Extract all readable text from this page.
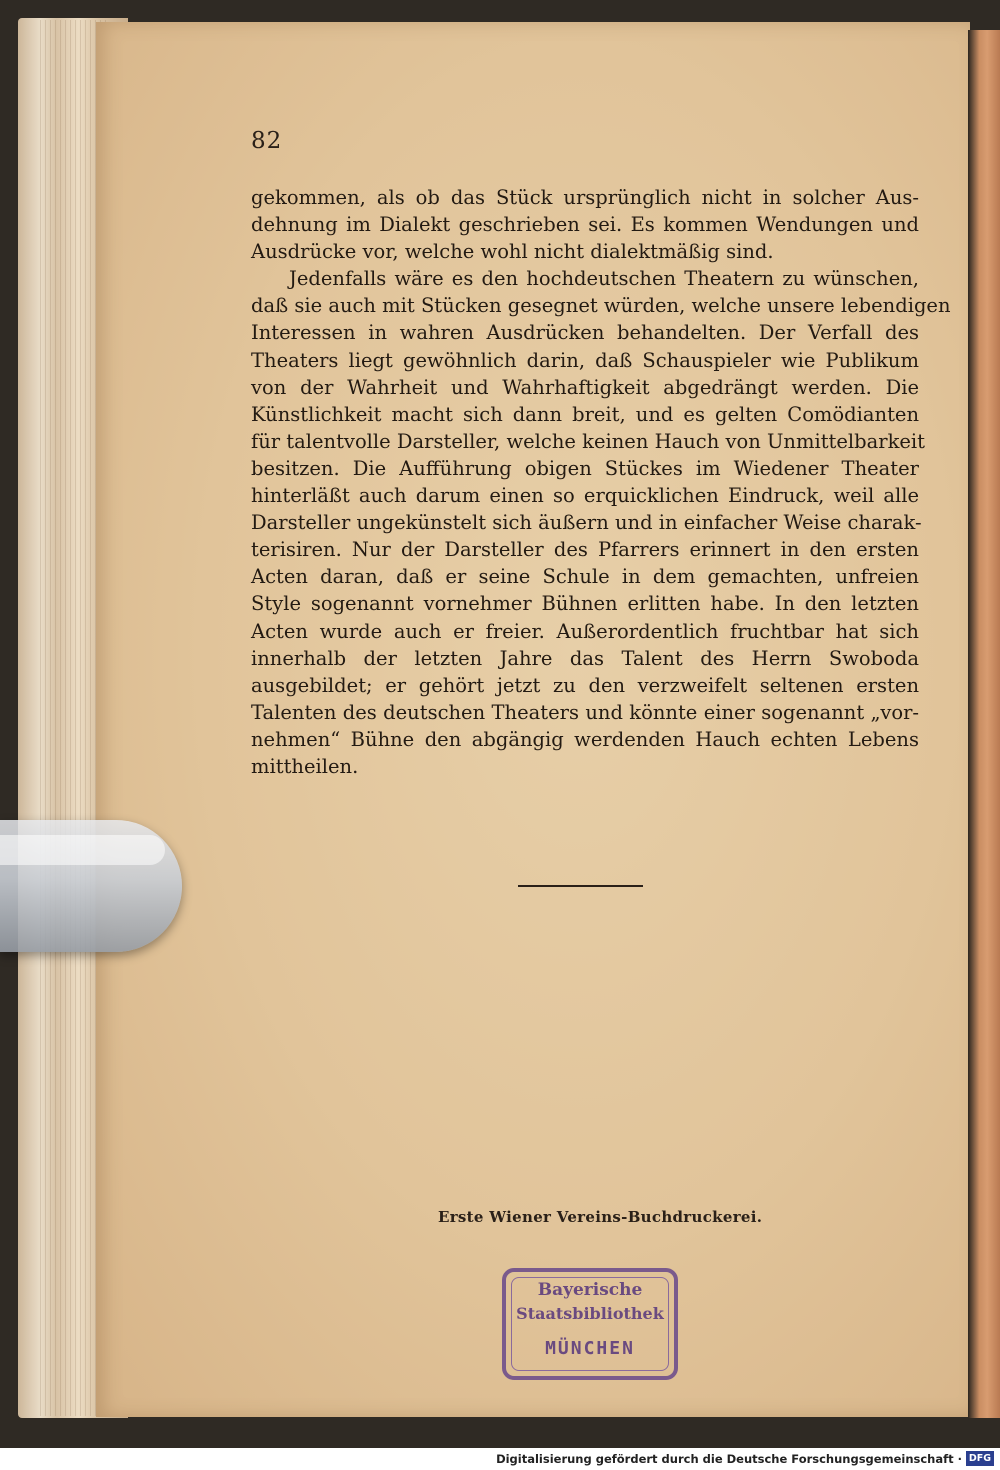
82
gekommen, als ob das Stück ursprünglich nicht in solcher Aus-
dehnung im Dialekt geschrieben sei. Es kommen Wendungen und
Ausdrücke vor, welche wohl nicht dialektmäßig sind.
Jedenfalls wäre es den hochdeutschen Theatern zu wünschen,
daß sie auch mit Stücken gesegnet würden, welche unsere lebendigen
Interessen in wahren Ausdrücken behandelten. Der Verfall des
Theaters liegt gewöhnlich darin, daß Schauspieler wie Publikum
von der Wahrheit und Wahrhaftigkeit abgedrängt werden. Die
Künstlichkeit macht sich dann breit, und es gelten Comödianten
für talentvolle Darsteller, welche keinen Hauch von Unmittelbarkeit
besitzen. Die Aufführung obigen Stückes im Wiedener Theater
hinterläßt auch darum einen so erquicklichen Eindruck, weil alle
Darsteller ungekünstelt sich äußern und in einfacher Weise charak-
terisiren. Nur der Darsteller des Pfarrers erinnert in den ersten
Acten daran, daß er seine Schule in dem gemachten, unfreien
Style sogenannt vornehmer Bühnen erlitten habe. In den letzten
Acten wurde auch er freier. Außerordentlich fruchtbar hat sich
innerhalb der letzten Jahre das Talent des Herrn Swoboda
ausgebildet; er gehört jetzt zu den verzweifelt seltenen ersten
Talenten des deutschen Theaters und könnte einer sogenannt „vor-
nehmen“ Bühne den abgängig werdenden Hauch echten Lebens
mittheilen.
Erste Wiener Vereins-Buchdruckerei.
Bayerische
Staatsbibliothek
MÜNCHEN
Digitalisierung gefördert durch die Deutsche Forschungsgemeinschaft · DFG
